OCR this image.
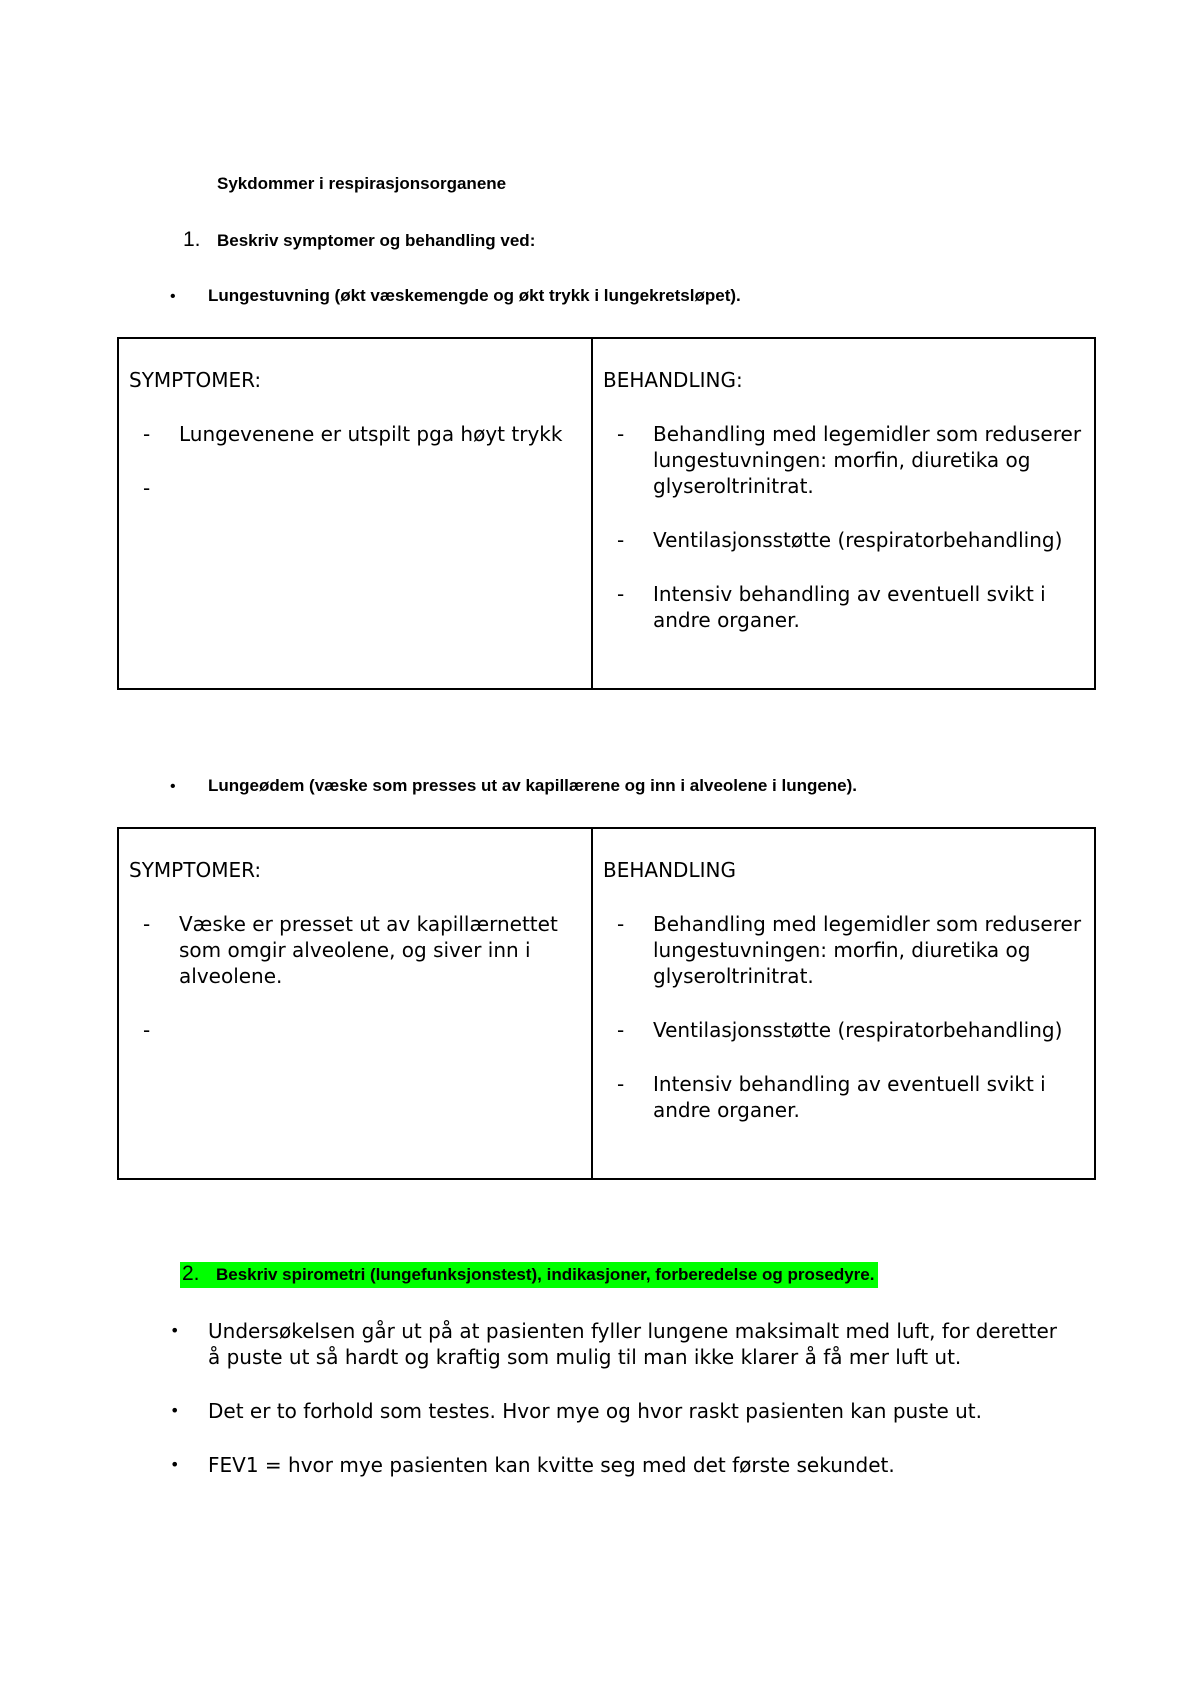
Sykdommer i respirasjonsorganene
1. Beskriv symptomer og behandling ved:
• Lungestuvning (økt væskemengde og økt trykk i lungekretsløpet).
SYMPTOMER:
-	Lungevenene er utspilt pga høyt trykk
-

BEHANDLING:
-	Behandling med legemidler som reduserer lungestuvningen: morfin, diuretika og glyseroltrinitrat.
-	Ventilasjonsstøtte (respiratorbehandling)
-	Intensiv behandling av eventuell svikt i andre organer.
• Lungeødem (væske som presses ut av kapillærene og inn i alveolene i lungene).
SYMPTOMER:
-	Væske er presset ut av kapillærnettet som omgir alveolene, og siver inn i alveolene.
-

BEHANDLING
-	Behandling med legemidler som reduserer lungestuvningen: morfin, diuretika og glyseroltrinitrat.
-	Ventilasjonsstøtte (respiratorbehandling)
-	Intensiv behandling av eventuell svikt i andre organer.
2. Beskriv spirometri (lungefunksjonstest), indikasjoner, forberedelse og prosedyre.
•	Undersøkelsen går ut på at pasienten fyller lungene maksimalt med luft, for deretter å puste ut så hardt og kraftig som mulig til man ikke klarer å få mer luft ut.
•	Det er to forhold som testes. Hvor mye og hvor raskt pasienten kan puste ut.
•	FEV1 = hvor mye pasienten kan kvitte seg med det første sekundet.
